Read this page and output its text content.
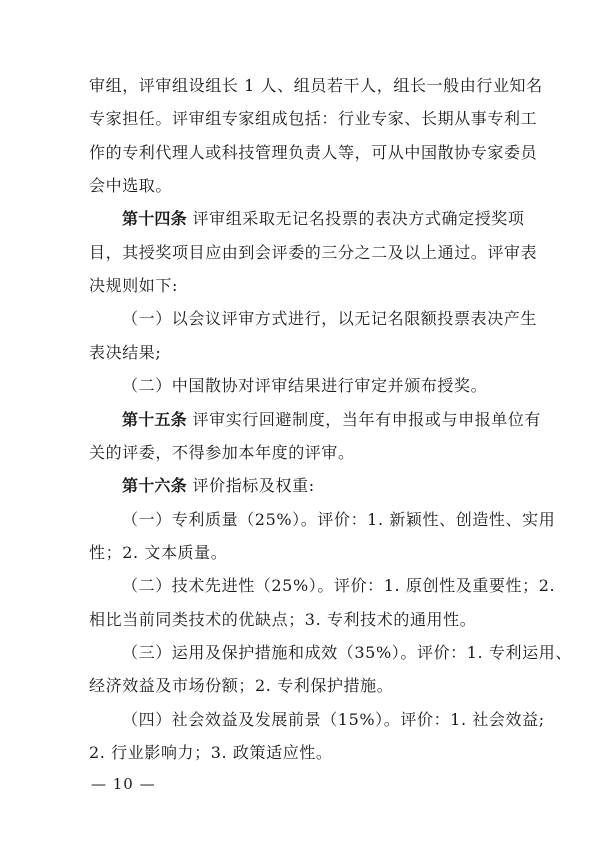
审组，评审组设组长 1 人、组员若干人，组长一般由行业知名
专家担任。评审组专家组成包括：行业专家、长期从事专利工
作的专利代理人或科技管理负责人等，可从中国散协专家委员
会中选取。
第十四条 评审组采取无记名投票的表决方式确定授奖项
目，其授奖项目应由到会评委的三分之二及以上通过。评审表
决规则如下:
（一）以会议评审方式进行，以无记名限额投票表决产生
表决结果;
（二）中国散协对评审结果进行审定并颁布授奖。
第十五条 评审实行回避制度，当年有申报或与申报单位有
关的评委，不得参加本年度的评审。
第十六条 评价指标及权重:
（一）专利质量（25%）。评价：1. 新颖性、创造性、实用
性；2. 文本质量。
（二）技术先进性（25%）。评价：1. 原创性及重要性；2.
相比当前同类技术的优缺点；3. 专利技术的通用性。
（三）运用及保护措施和成效（35%）。评价：1. 专利运用、
经济效益及市场份额；2. 专利保护措施。
（四）社会效益及发展前景（15%）。评价：1. 社会效益;
2. 行业影响力；3. 政策适应性。
— 10 —
